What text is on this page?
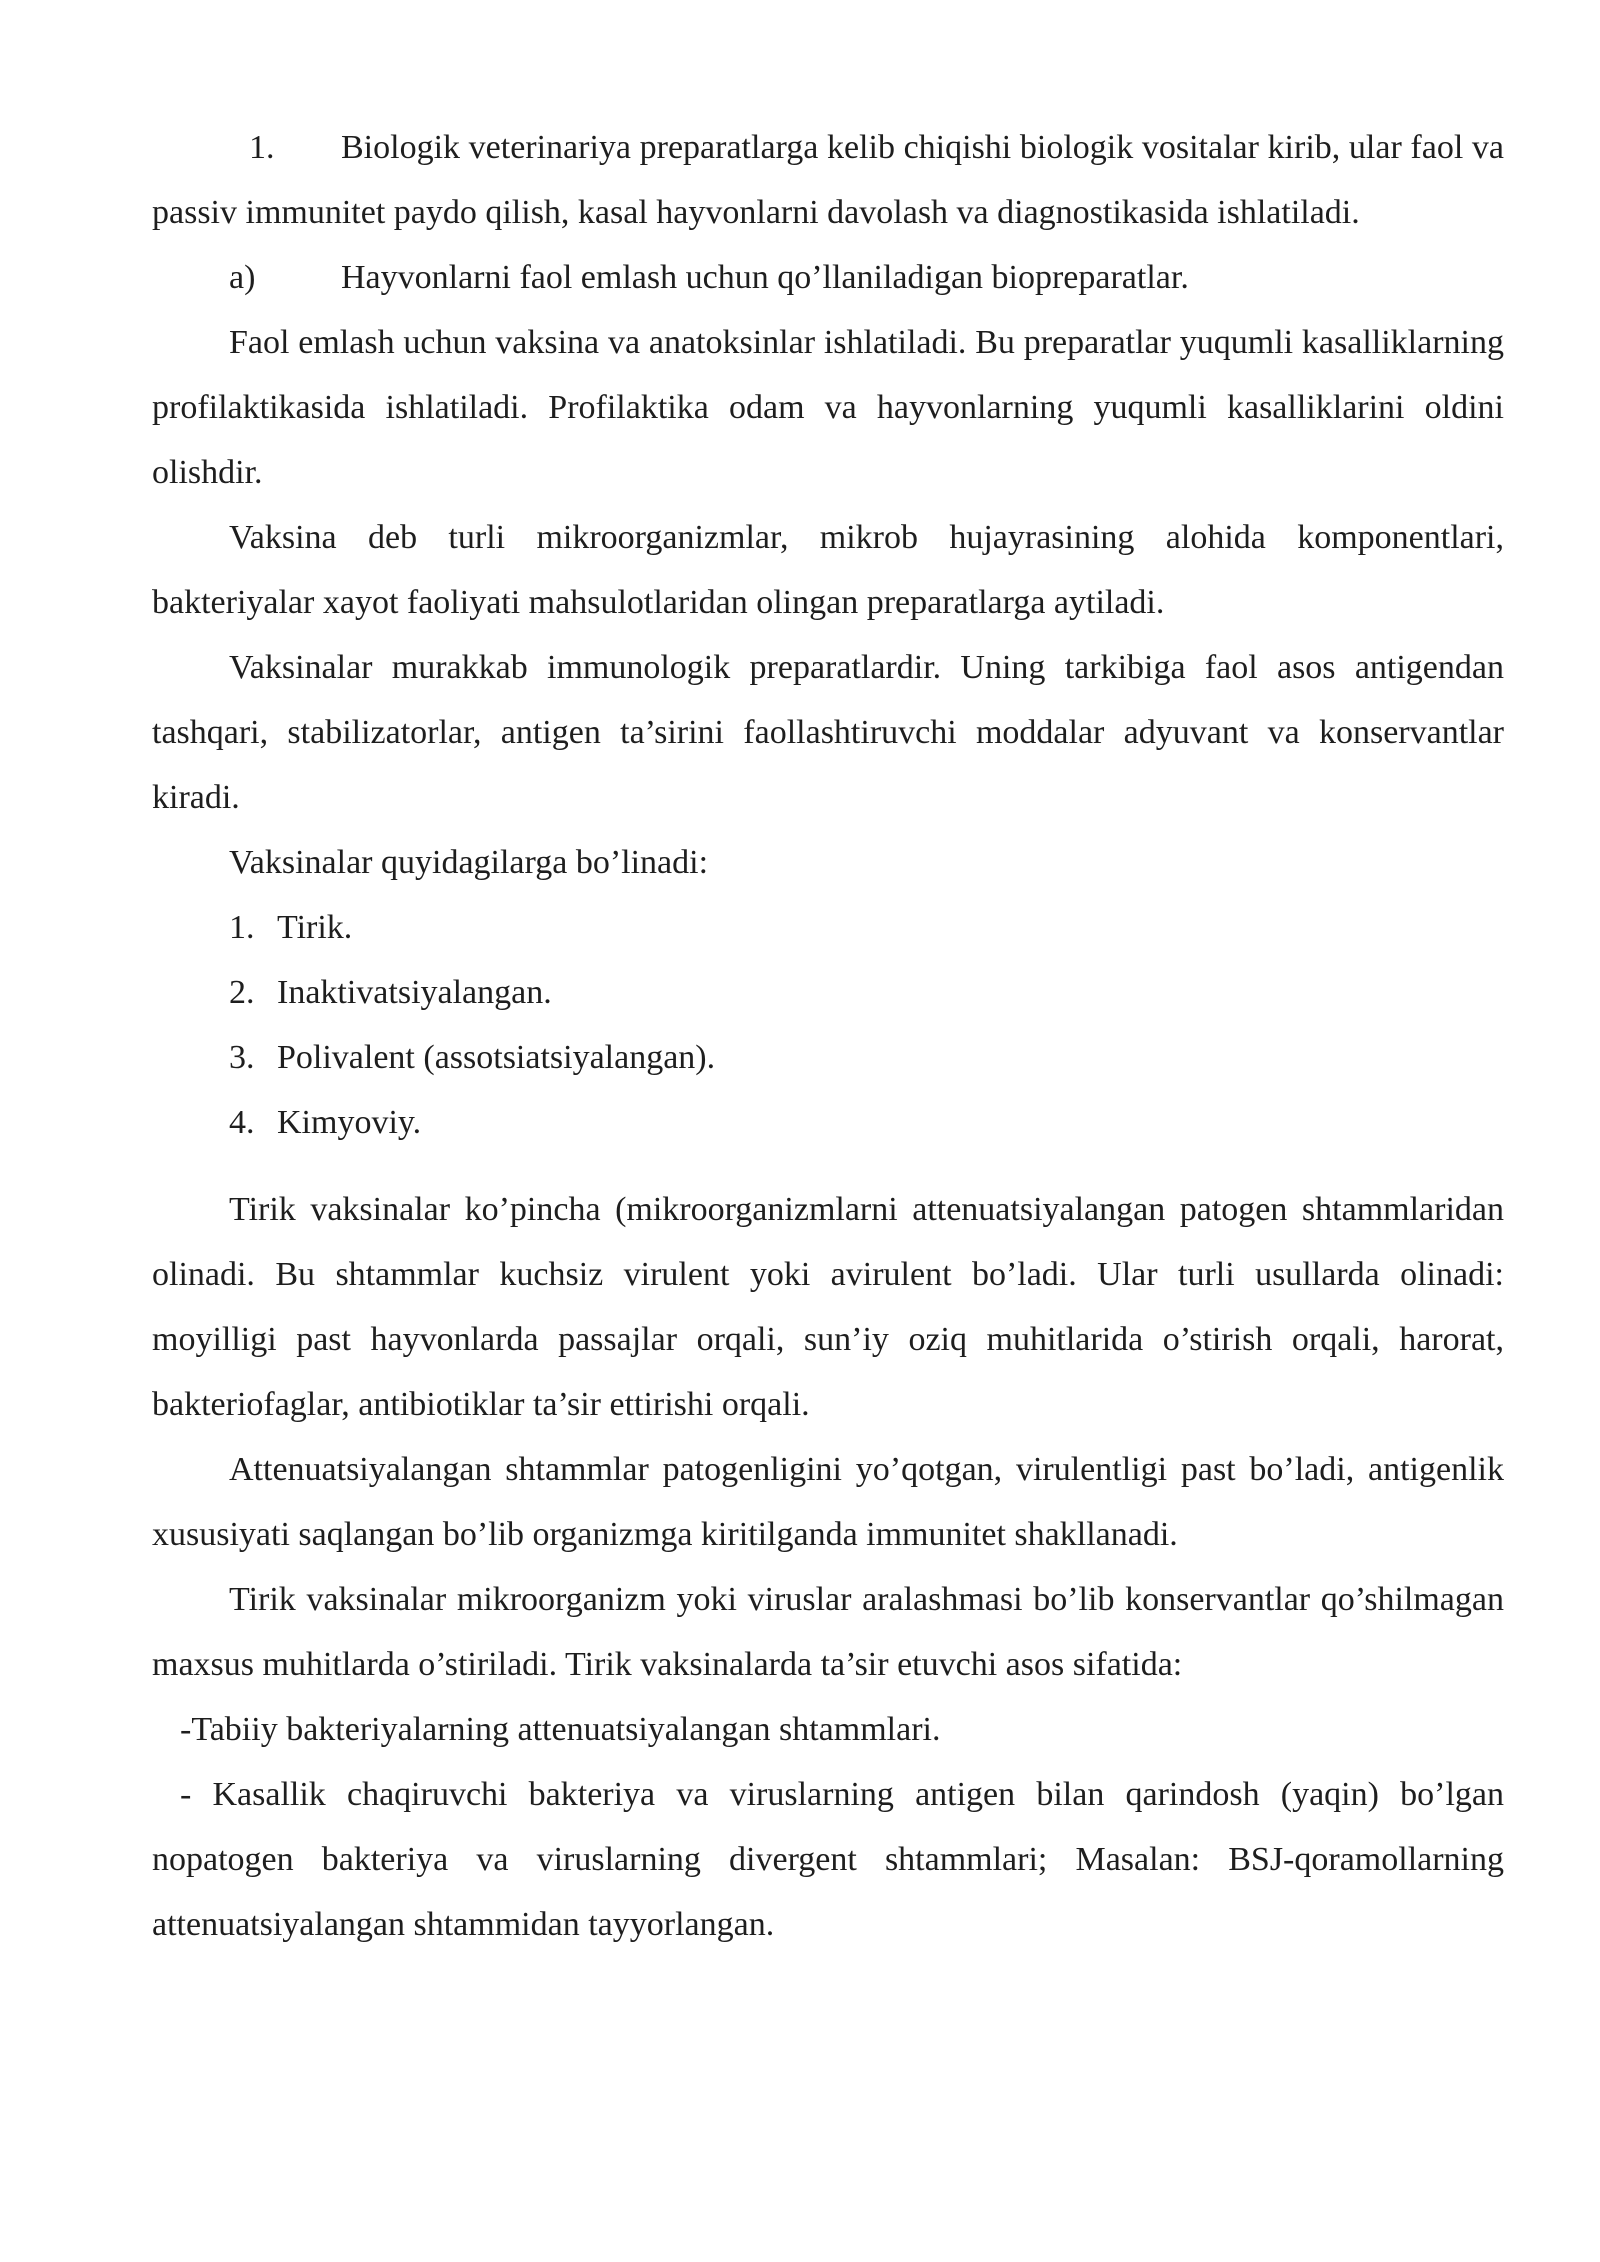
1. Biologik veterinariya preparatlarga kelib chiqishi biologik vositalar kirib, ular faol va passiv immunitet paydo qilish, kasal hayvonlarni davolash va diagnostikasida ishlatiladi.

a)	Hayvonlarni faol emlash uchun qo’llaniladigan biopreparatlar.

Faol emlash uchun vaksina va anatoksinlar ishlatiladi. Bu preparatlar yuqumli kasalliklarning profilaktikasida ishlatiladi. Profilaktika odam va hayvonlarning yuqumli kasalliklarini oldini olishdir.

Vaksina deb turli mikroorganizmlar, mikrob hujayrasining alohida komponentlari, bakteriyalar xayot faoliyati mahsulotlaridan olingan preparatlarga aytiladi.

Vaksinalar murakkab immunologik preparatlardir. Uning tarkibiga faol asos antigendan tashqari, stabilizatorlar, antigen ta’sirini faollashtiruvchi moddalar adyuvant va konservantlar kiradi.

Vaksinalar quyidagilarga bo’linadi:

1. Tirik.
2. Inaktivatsiyalangan.
3. Polivalent (assotsiatsiyalangan).
4. Kimyoviy.

Tirik vaksinalar ko’pincha (mikroorganizmlarni attenuatsiyalangan patogen shtammlaridan olinadi. Bu shtammlar kuchsiz virulent yoki avirulent bo’ladi. Ular turli usullarda olinadi: moyilligi past hayvonlarda passajlar orqali, sun’iy oziq muhitlarida o’stirish orqali, harorat, bakteriofaglar, antibiotiklar ta’sir ettirishi orqali.

Attenuatsiyalangan shtammlar patogenligini yo’qotgan, virulentligi past bo’ladi, antigenlik xususiyati saqlangan bo’lib organizmga kiritilganda immunitet shakllanadi.

Tirik vaksinalar mikroorganizm yoki viruslar aralashmasi bo’lib konservantlar qo’shilmagan maxsus muhitlarda o’stiriladi. Tirik vaksinalarda ta’sir etuvchi asos sifatida:

-Tabiiy bakteriyalarning attenuatsiyalangan shtammlari.

- Kasallik chaqiruvchi bakteriya va viruslarning antigen bilan qarindosh (yaqin) bo’lgan nopatogen bakteriya va viruslarning divergent shtammlari; Masalan: BSJ-qoramollarning attenuatsiyalangan shtammidan tayyorlangan.
